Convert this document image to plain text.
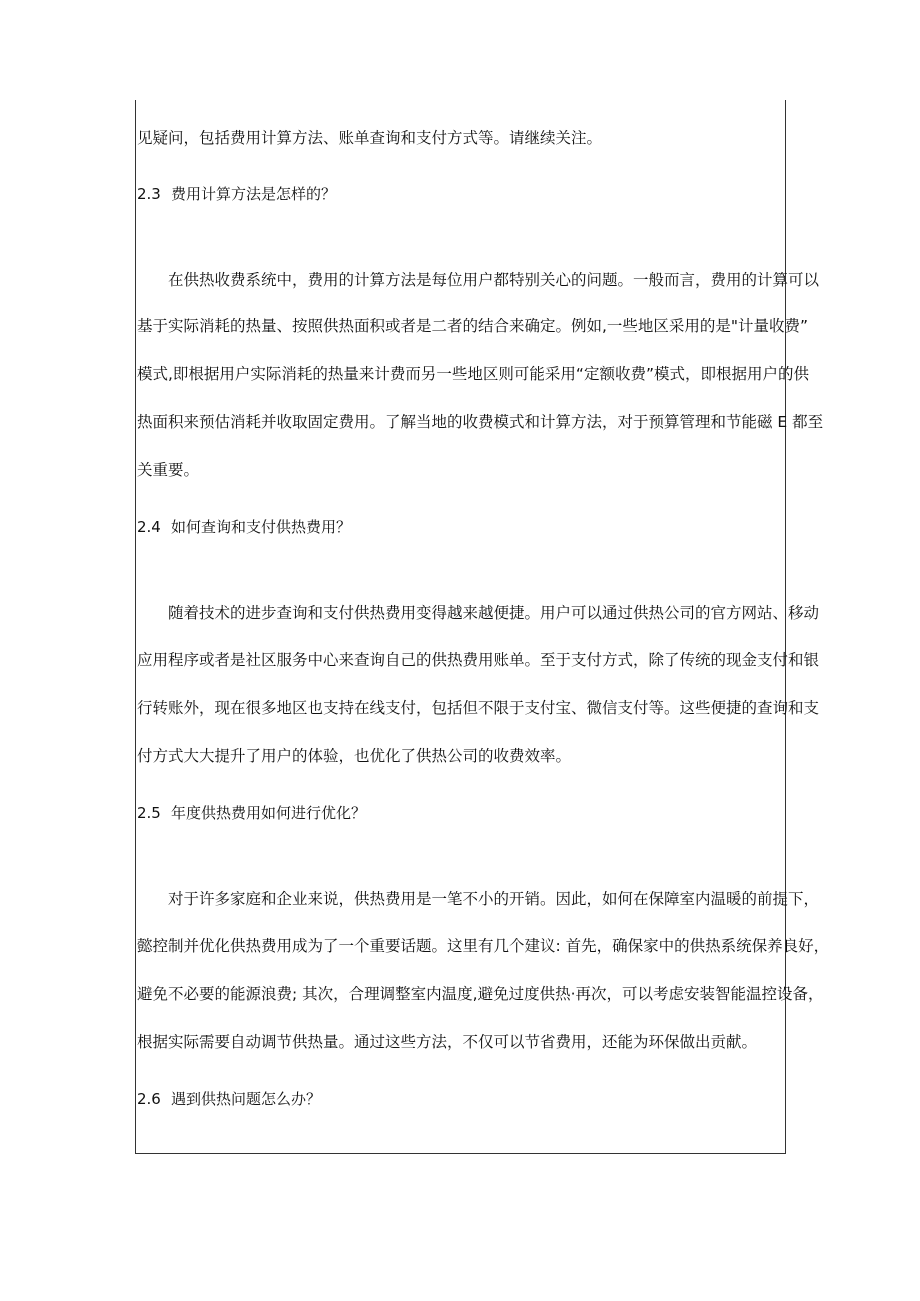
见疑问，包括费用计算方法、账单查询和支付方式等。请继续关注。
2.3 费用计算方法是怎样的？
在供热收费系统中，费用的计算方法是每位用户都特别关心的问题。一般而言，费用的计算可以
基于实际消耗的热量、按照供热面积或者是二者的结合来确定。例如,一些地区采用的是"计量收费”
模式,即根据用户实际消耗的热量来计费而另一些地区则可能采用“定额收费”模式，即根据用户的供
热面积来预估消耗并收取固定费用。了解当地的收费模式和计算方法，对于预算管理和节能磁 E 都至
关重要。
2.4 如何查询和支付供热费用？
随着技术的进步查询和支付供热费用变得越来越便捷。用户可以通过供热公司的官方网站、移动
应用程序或者是社区服务中心来查询自己的供热费用账单。至于支付方式，除了传统的现金支付和银
行转账外，现在很多地区也支持在线支付，包括但不限于支付宝、微信支付等。这些便捷的查询和支
付方式大大提升了用户的体验，也优化了供热公司的收费效率。
2.5 年度供热费用如何进行优化？
对于许多家庭和企业来说，供热费用是一笔不小的开销。因此，如何在保障室内温暖的前提下，
懿控制并优化供热费用成为了一个重要话题。这里有几个建议: 首先，确保家中的供热系统保养良好，
避免不必要的能源浪费; 其次，合理调整室内温度,避免过度供热·再次，可以考虑安装智能温控设备，
根据实际需要自动调节供热量。通过这些方法，不仅可以节省费用，还能为环保做出贡献。
2.6 遇到供热问题怎么办？
